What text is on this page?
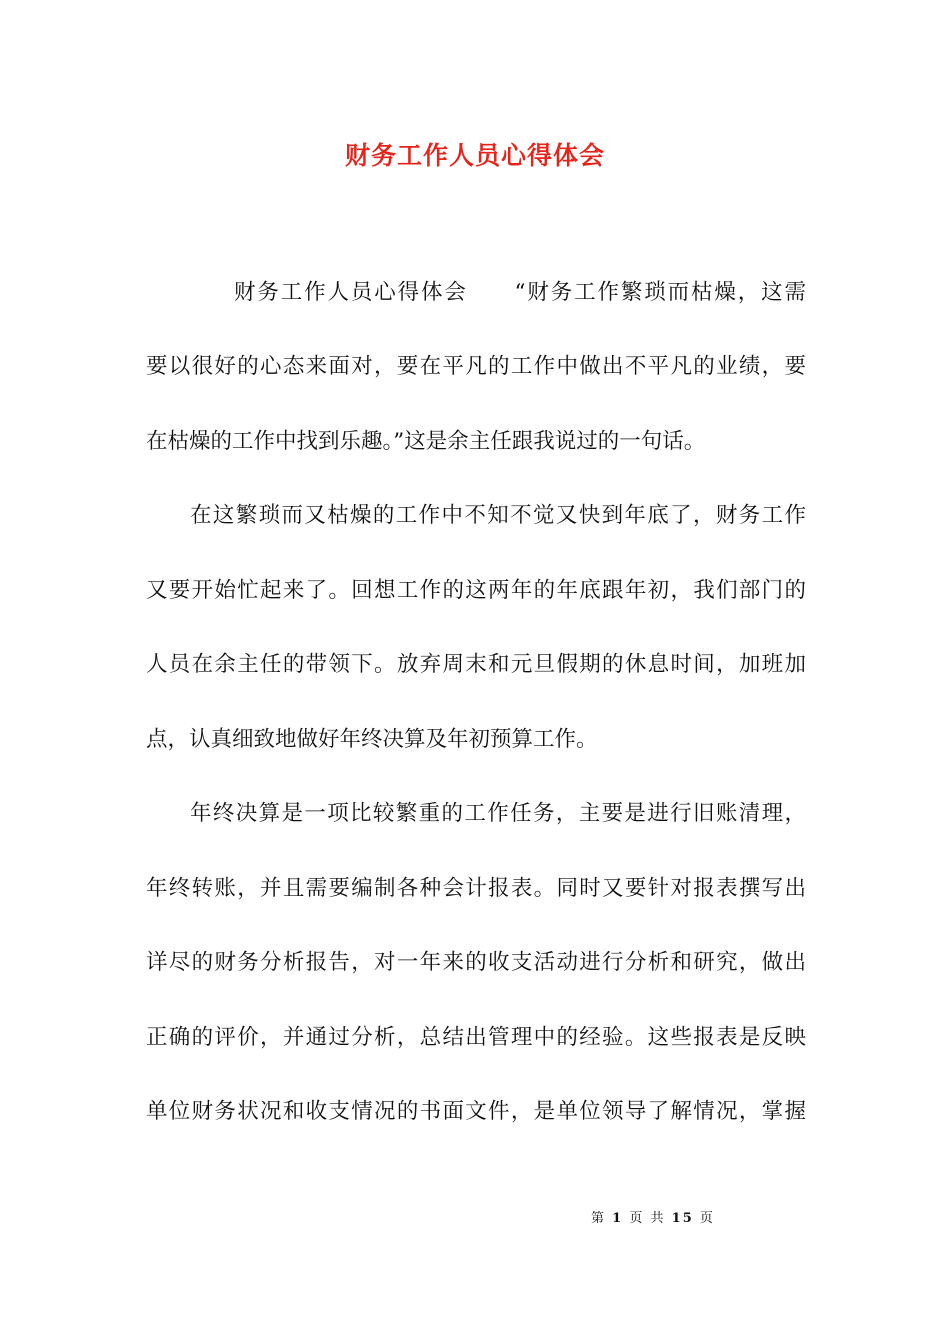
财务工作人员心得体会
财务工作人员心得体会　　“财务工作繁琐而枯燥，这需
要以很好的心态来面对，要在平凡的工作中做出不平凡的业绩，要
在枯燥的工作中找到乐趣。”这是余主任跟我说过的一句话。
在这繁琐而又枯燥的工作中不知不觉又快到年底了，财务工作
又要开始忙起来了。回想工作的这两年的年底跟年初，我们部门的
人员在余主任的带领下。放弃周末和元旦假期的休息时间，加班加
点，认真细致地做好年终决算及年初预算工作。
年终决算是一项比较繁重的工作任务，主要是进行旧账清理，
年终转账，并且需要编制各种会计报表。同时又要针对报表撰写出
详尽的财务分析报告，对一年来的收支活动进行分析和研究，做出
正确的评价，并通过分析，总结出管理中的经验。这些报表是反映
单位财务状况和收支情况的书面文件，是单位领导了解情况，掌握
第 1 页 共 15 页
